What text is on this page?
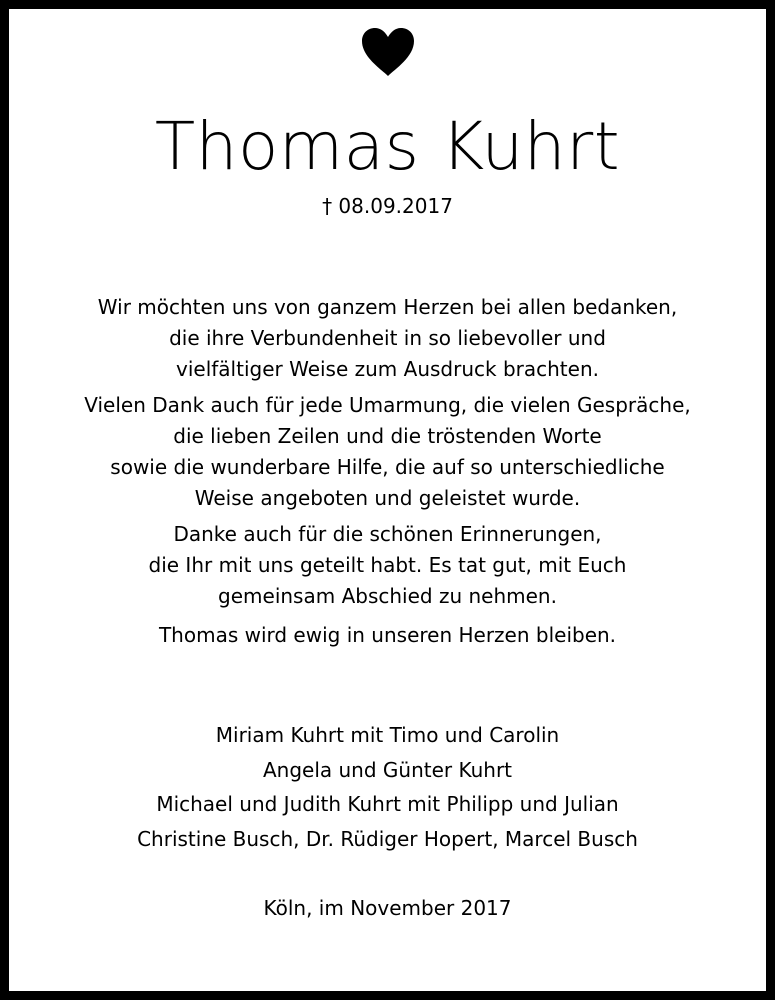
Thomas Kuhrt
† 08.09.2017

Wir möchten uns von ganzem Herzen bei allen bedanken,
die ihre Verbundenheit in so liebevoller und
vielfältiger Weise zum Ausdruck brachten.

Vielen Dank auch für jede Umarmung, die vielen Gespräche,
die lieben Zeilen und die tröstenden Worte
sowie die wunderbare Hilfe, die auf so unterschiedliche
Weise angeboten und geleistet wurde.

Danke auch für die schönen Erinnerungen,
die Ihr mit uns geteilt habt. Es tat gut, mit Euch
gemeinsam Abschied zu nehmen.

Thomas wird ewig in unseren Herzen bleiben.

Miriam Kuhrt mit Timo und Carolin
Angela und Günter Kuhrt
Michael und Judith Kuhrt mit Philipp und Julian
Christine Busch, Dr. Rüdiger Hopert, Marcel Busch
Köln, im November 2017
